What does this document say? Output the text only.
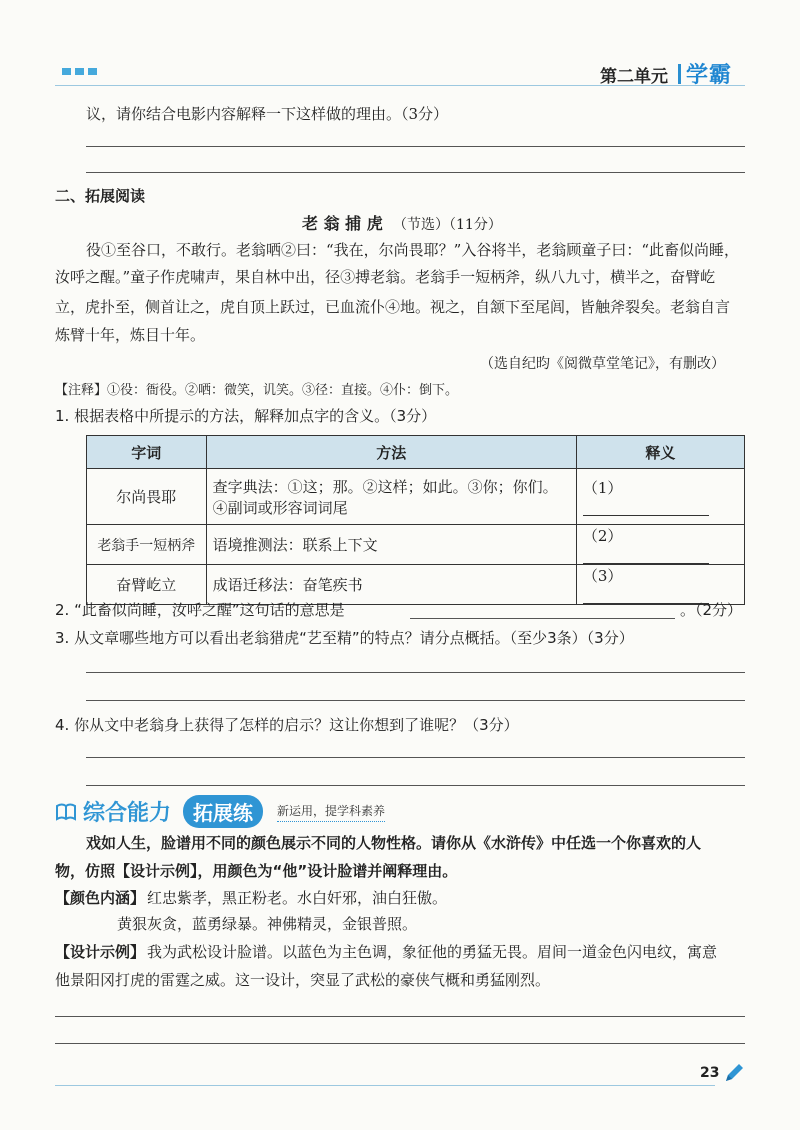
第二单元 学霸
议，请你结合电影内容解释一下这样做的理由。（3分）
二、拓展阅读
老 翁 捕 虎 （节选）（11分）
役①至谷口，不敢行。老翁哂②曰：“我在，尔尚畏耶？”入谷将半，老翁顾童子曰：“此畜似尚睡，
汝呼之醒。”童子作虎啸声，果自林中出，径③搏老翁。老翁手一短柄斧，纵八九寸，横半之，奋臂屹
立，虎扑至，侧首让之，虎自顶上跃过，已血流仆④地。视之，自颔下至尾闾，皆触斧裂矣。老翁自言
炼臂十年，炼目十年。
（选自纪昀《阅微草堂笔记》，有删改）
【注释】①役：衙役。②哂：微笑，讥笑。③径：直接。④仆：倒下。
1. 根据表格中所提示的方法，解释加点字的含义。（3分）
字词	方法	释义
尔尚畏耶	查字典法：①这；那。②这样；如此。③你；你们。
④副词或形容词词尾	（1）
老翁手一短柄斧	语境推测法：联系上下文	（2）
奋臂屹立	成语迁移法：奋笔疾书	（3）
2. “此畜似尚睡，汝呼之醒”这句话的意思是	。（2分）
3. 从文章哪些地方可以看出老翁猎虎“艺至精”的特点？请分点概括。（至少3条）（3分）
4. 你从文中老翁身上获得了怎样的启示？这让你想到了谁呢？（3分）
综合能力	拓展练	新运用，提学科素养
戏如人生，脸谱用不同的颜色展示不同的人物性格。请你从《水浒传》中任选一个你喜欢的人
物，仿照【设计示例】，用颜色为“他”设计脸谱并阐释理由。
【颜色内涵】 红忠紫孝，黑正粉老。水白奸邪，油白狂傲。
黄狠灰贪，蓝勇绿暴。神佛精灵，金银普照。
【设计示例】 我为武松设计脸谱。以蓝色为主色调，象征他的勇猛无畏。眉间一道金色闪电纹，寓意
他景阳冈打虎的雷霆之威。这一设计，突显了武松的豪侠气概和勇猛刚烈。
23
